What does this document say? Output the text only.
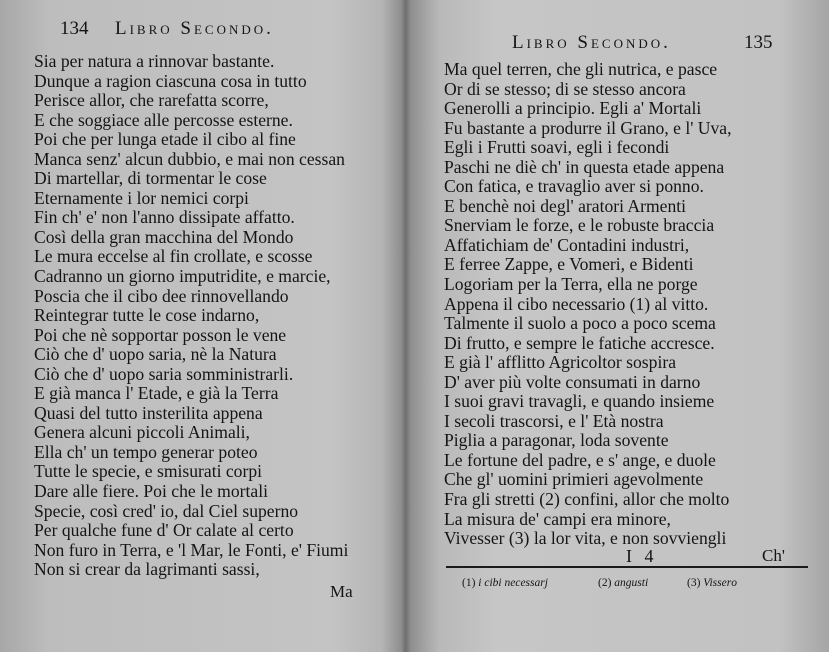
134 Libro Secondo.
Sia per natura a rinnovar bastante.
Dunque a ragion ciascuna cosa in tutto
Perisce allor, che rarefatta scorre,
E che soggiace alle percosse esterne.
Poi che per lunga etade il cibo al fine
Manca senz' alcun dubbio, e mai non cessan
Di martellar, di tormentar le cose
Eternamente i lor nemici corpi
Fin ch' e' non l'anno dissipate affatto.
Così della gran macchina del Mondo
Le mura eccelse al fin crollate, e scosse
Cadranno un giorno imputridite, e marcie,
Poscia che il cibo dee rinnovellando
Reintegrar tutte le cose indarno,
Poi che nè sopportar posson le vene
Ciò che d' uopo saria, nè la Natura
Ciò che d' uopo saria somministrarli.
E già manca l' Etade, e già la Terra
Quasi del tutto insterilita appena
Genera alcuni piccoli Animali,
Ella ch' un tempo generar poteo
Tutte le specie, e smisurati corpi
Dare alle fiere. Poi che le mortali
Specie, così cred' io, dal Ciel superno
Per qualche fune d' Or calate al certo
Non furo in Terra, e 'l Mar, le Fonti, e' Fiumi
Non si crear da lagrimanti sassi,
Ma
Libro Secondo.	135
Ma quel terren, che gli nutrica, e pasce
Or di se stesso; di se stesso ancora
Generolli a principio. Egli a' Mortali
Fu bastante a produrre il Grano, e l' Uva,
Egli i Frutti soavi, egli i fecondi
Paschi ne diè ch' in questa etade appena
Con fatica, e travaglio aver si ponno.
E benchè noi degl' aratori Armenti
Snerviam le forze, e le robuste braccia
Affatichiam de' Contadini industri,
E ferree Zappe, e Vomeri, e Bidenti
Logoriam per la Terra, ella ne porge
Appena il cibo necessario (1) al vitto.
Talmente il suolo a poco a poco scema
Di frutto, e sempre le fatiche accresce.
E già l' afflitto Agricoltor sospira
D' aver più volte consumati in darno
I suoi gravi travagli, e quando insieme
I secoli trascorsi, e l' Età nostra
Piglia a paragonar, loda sovente
Le fortune del padre, e s' ange, e duole
Che gl' uomini primieri agevolmente
Fra gli stretti (2) confini, allor che molto
La misura de' campi era minore,
Vivesser (3) la lor vita, e non sovviengli
I 4	Ch'
(1) i cibi necessarj	(2) angusti	(3) Visserо
